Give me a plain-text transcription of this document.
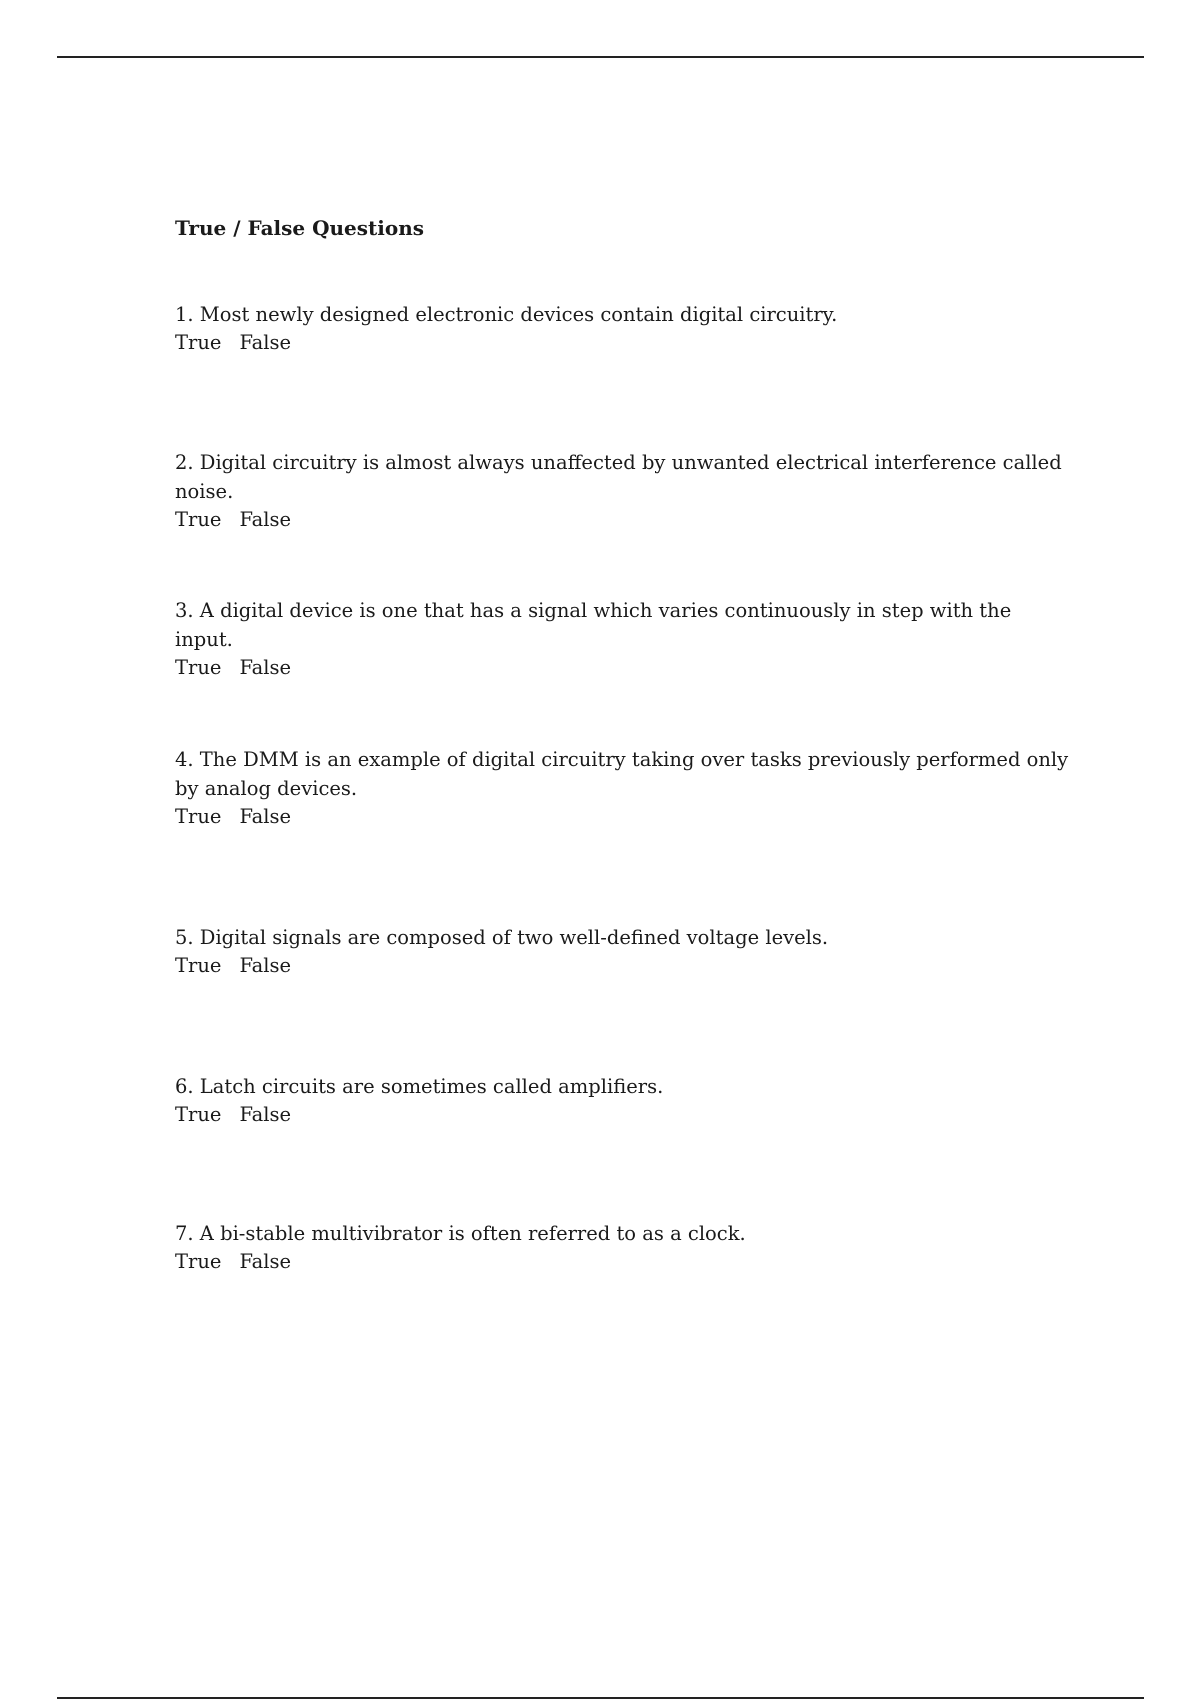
True / False Questions
1. Most newly designed electronic devices contain digital circuitry.
True False
2. Digital circuitry is almost always unaffected by unwanted electrical interference called noise.
True False
3. A digital device is one that has a signal which varies continuously in step with the input.
True False
4. The DMM is an example of digital circuitry taking over tasks previously performed only by analog devices.
True False
5. Digital signals are composed of two well-defined voltage levels.
True False
6. Latch circuits are sometimes called amplifiers.
True False
7. A bi-stable multivibrator is often referred to as a clock.
True False
